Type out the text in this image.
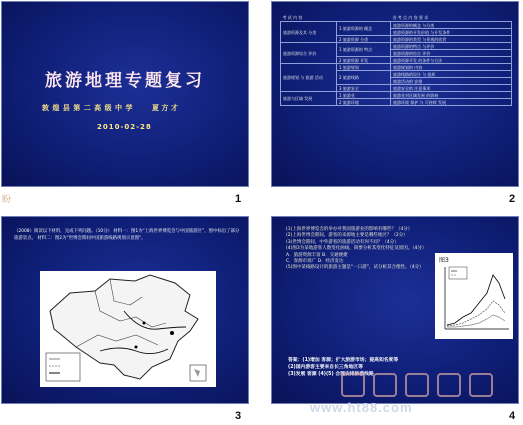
旅游地理专题复习
敦 煌 县 第 二 高 级 中 学	夏 方 才
2010-02-28
盼	1
考 试 内 容		各 考 点 内 容 要 求
旅游资源及其 分类	1 旅游资源的 概念	旅游资源的概念 与分类
		旅游资源的开发价值 与开发条件
	2 旅游资源 分类	旅游资源的类型 与景观的欣赏
旅游资源综合 评价	1 旅游资源的 特点	旅游资源的特点 与评价
		旅游资源的综合 评价
	2 旅游资源 开发	旅游资源开发 的条件与方法
旅游规划 与 旅游 活动	1 旅游规划	旅游规划的 内容
	2 旅游线路	旅游线路的设计 与 组织
		旅游活动的 安排
	3 旅游安全	旅游安全的 注意事项
旅游与区域 发展	1 旅游业	旅游业对区域发展 的影响
	2 旅游环境	旅游环境 保护 与 可持续 发展
2
（2008）阅读以下材料，完成下列问题。（10分） 材料一：图1为“上海世界博览会与中国旅游区”，图中标出了部分旅游景点。 材料二：图2为“世博会期间中国旅游线路规划示意图”。
3
(1)上海世界博览会的举办对我国旅游业的影响有哪些？（4分）
(2)上海世博会期间，游客的来源地主要是哪些地区？（2分）
(3)世博会期间，中外游客的旅游活动有何不同？（4分）
(4)图3为某地游客人数变化曲线，简要分析其变化特征及原因。（4分）
A．旅游资源丰富 B．交通便捷
C．客源市场广 D．经济发达
(5)图中某线路设计的旅游主题是“一日游”，试分析其合理性。（4分）
图3
答案：(1)增加 客源；扩大旅游市场；提高知名度等
(2)国内游客主要来自长三角地区等
(3)发展 客源 (4)(5) 合理安排旅游线路
www.ht88.com
4
